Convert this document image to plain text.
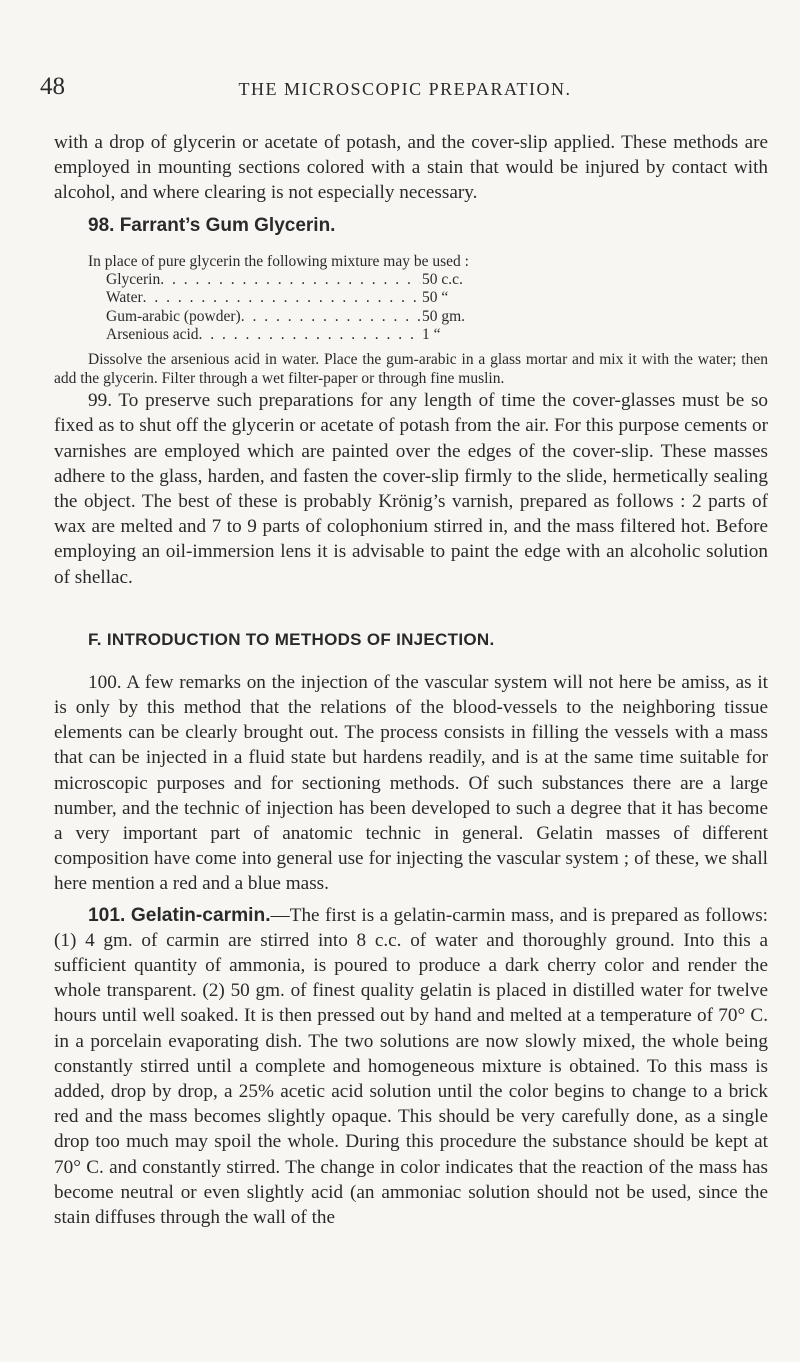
48	THE MICROSCOPIC PREPARATION.

with a drop of glycerin or acetate of potash, and the cover-slip applied. These methods are employed in mounting sections colored with a stain that would be injured by contact with alcohol, and where clearing is not especially necessary.

98. Farrant’s Gum Glycerin.

In place of pure glycerin the following mixture may be used :

Glycerin . . .	50 c.c.
Water . . .	50 “
Gum-arabic (powder) . . .	50 gm.
Arsenious acid . . .	1 “

Dissolve the arsenious acid in water. Place the gum-arabic in a glass mortar and mix it with the water; then add the glycerin. Filter through a wet filter-paper or through fine muslin.

99. To preserve such preparations for any length of time the cover-glasses must be so fixed as to shut off the glycerin or acetate of potash from the air. For this purpose cements or varnishes are employed which are painted over the edges of the cover-slip. These masses adhere to the glass, harden, and fasten the cover-slip firmly to the slide, hermetically sealing the object. The best of these is probably Krönig’s varnish, prepared as follows : 2 parts of wax are melted and 7 to 9 parts of colophonium stirred in, and the mass filtered hot. Before employing an oil-immersion lens it is advisable to paint the edge with an alcoholic solution of shellac.

F. INTRODUCTION TO METHODS OF INJECTION.

100. A few remarks on the injection of the vascular system will not here be amiss, as it is only by this method that the relations of the blood-vessels to the neighboring tissue elements can be clearly brought out. The process consists in filling the vessels with a mass that can be injected in a fluid state but hardens readily, and is at the same time suitable for microscopic purposes and for sectioning methods. Of such substances there are a large number, and the technic of injection has been developed to such a degree that it has become a very important part of anatomic technic in general. Gelatin masses of different composition have come into general use for injecting the vascular system ; of these, we shall here mention a red and a blue mass.

101. Gelatin-carmin.—The first is a gelatin-carmin mass, and is prepared as follows: (1) 4 gm. of carmin are stirred into 8 c.c. of water and thoroughly ground. Into this a sufficient quantity of ammonia, is poured to produce a dark cherry color and render the whole transparent. (2) 50 gm. of finest quality gelatin is placed in distilled water for twelve hours until well soaked. It is then pressed out by hand and melted at a temperature of 70° C. in a porcelain evaporating dish. The two solutions are now slowly mixed, the whole being constantly stirred until a complete and homogeneous mixture is obtained. To this mass is added, drop by drop, a 25% acetic acid solution until the color begins to change to a brick red and the mass becomes slightly opaque. This should be very carefully done, as a single drop too much may spoil the whole. During this procedure the substance should be kept at 70° C. and constantly stirred. The change in color indicates that the reaction of the mass has become neutral or even slightly acid (an ammoniac solution should not be used, since the stain diffuses through the wall of the
